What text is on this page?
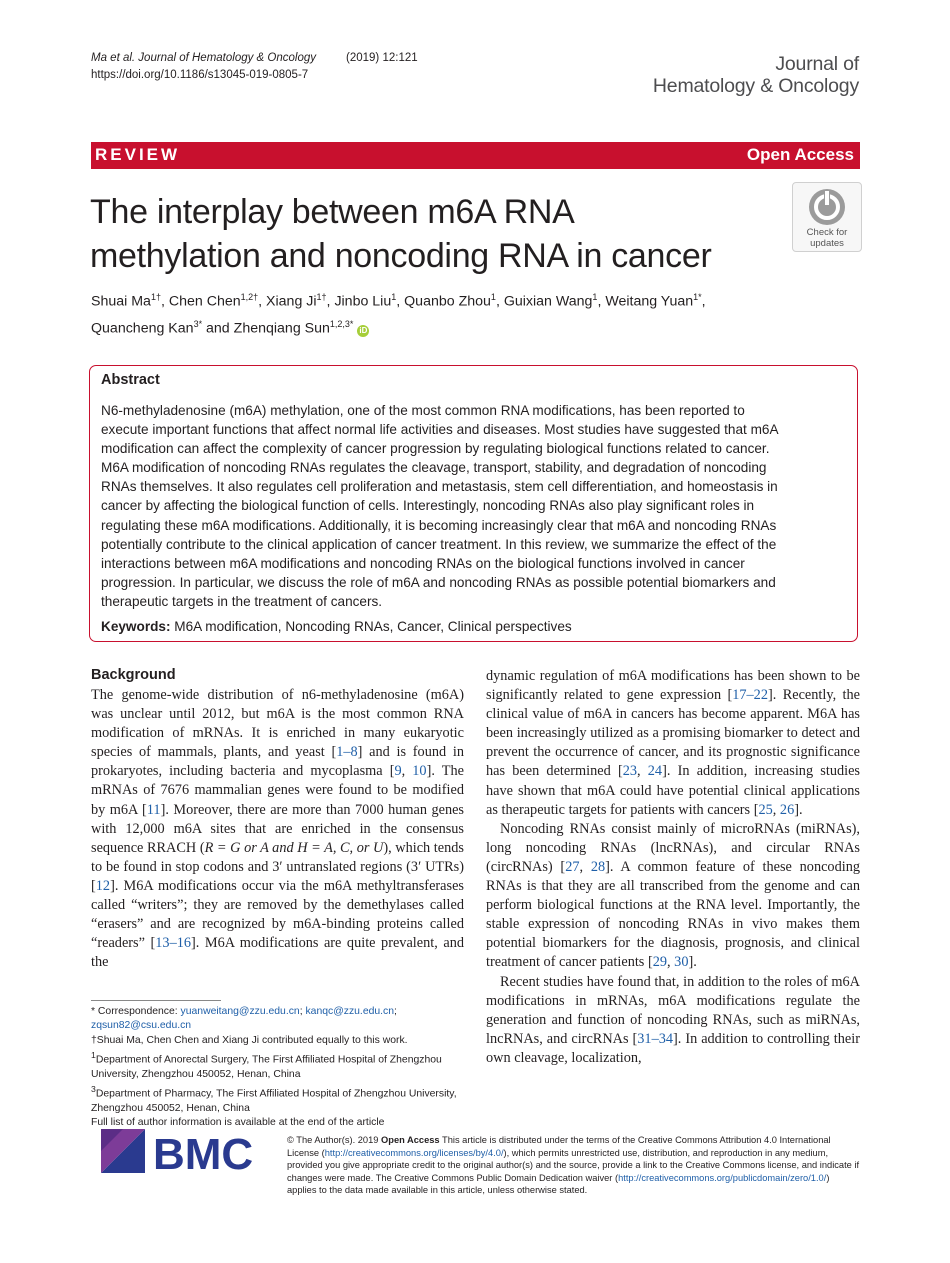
Ma et al. Journal of Hematology & Oncology	(2019) 12:121
https://doi.org/10.1186/s13045-019-0805-7	Journal of
Hematology & Oncology
REVIEW	Open Access
The interplay between m6A RNA
methylation and noncoding RNA in cancer
Check for
updates
Shuai $Ma^{1\dagger}$, Chen Chen$^{1,2\dagger}$, Xiang $Ji^{1\dagger}$, Jinbo Liu$^1$, Quanbo Zhou$^1$, Guixian Wang$^1$, Weitang Yuan$^{1*}$,
Quancheng Kan$^{3*}$ and Zhenqiang Sun$^{1,2,3*}$ iD
Abstract
N6-methyladenosine (m6A) methylation, one of the most common RNA modifications, has been reported to
execute important functions that affect normal life activities and diseases. Most studies have suggested that m6A
modification can affect the complexity of cancer progression by regulating biological functions related to cancer.
M6A modification of noncoding RNAs regulates the cleavage, transport, stability, and degradation of noncoding
RNAs themselves. It also regulates cell proliferation and metastasis, stem cell differentiation, and homeostasis in
cancer by affecting the biological function of cells. Interestingly, noncoding RNAs also play significant roles in
regulating these m6A modifications. Additionally, it is becoming increasingly clear that m6A and noncoding RNAs
potentially contribute to the clinical application of cancer treatment. In this review, we summarize the effect of the
interactions between m6A modifications and noncoding RNAs on the biological functions involved in cancer
progression. In particular, we discuss the role of m6A and noncoding RNAs as possible potential biomarkers and
therapeutic targets in the treatment of cancers.
Keywords: M6A modification, Noncoding RNAs, Cancer, Clinical perspectives
Background

The genome-wide distribution of n6-methyladenosine (m6A) was unclear until 2012, but m6A is the most common RNA modification of mRNAs. It is enriched in many eukaryotic species of mammals, plants, and yeast [1–8] and is found in prokaryotes, including bacteria and mycoplasma [9, 10]. The mRNAs of 7676 mammalian genes were found to be modified by m6A [11]. Moreover, there are more than 7000 human genes with 12,000 m6A sites that are enriched in the consensus sequence RRACH (R = G or A and H = A, C, or U), which tends to be found in stop codons and 3′ untranslated regions (3′ UTRs) [12]. M6A modifications occur via the m6A methyltransferases called “writers”; they are removed by the demethylases called “erasers” and are recognized by m6A-binding proteins called “readers” [13–16]. M6A modifications are quite prevalent, and the

dynamic regulation of m6A modifications has been shown to be significantly related to gene expression [17–22]. Recently, the clinical value of m6A in cancers has become apparent. M6A has been increasingly utilized as a promising biomarker to detect and prevent the occurrence of cancer, and its prognostic significance has been determined [23, 24]. In addition, increasing studies have shown that m6A could have potential clinical applications as therapeutic targets for patients with cancers [25, 26].

Noncoding RNAs consist mainly of microRNAs (miRNAs), long noncoding RNAs (lncRNAs), and circular RNAs (circRNAs) [27, 28]. A common feature of these noncoding RNAs is that they are all transcribed from the genome and can perform biological functions at the RNA level. Importantly, the stable expression of noncoding RNAs in vivo makes them potential biomarkers for the diagnosis, prognosis, and clinical treatment of cancer patients [29, 30].

Recent studies have found that, in addition to the roles of m6A modifications in mRNAs, m6A modifications regulate the generation and function of noncoding RNAs, such as miRNAs, lncRNAs, and circRNAs [31–34]. In addition to controlling their own cleavage, localization,

* Correspondence: yuanweitang@zzu.edu.cn; kanqc@zzu.edu.cn;
zqsun82@csu.edu.cn

†Shuai Ma, Chen Chen and Xiang Ji contributed equally to this work.

$^1$Department of Anorectal Surgery, The First Affiliated Hospital of Zhengzhou University, Zhengzhou 450052, Henan, China

$^3$Department of Pharmacy, The First Affiliated Hospital of Zhengzhou University, Zhengzhou 450052, Henan, China

Full list of author information is available at the end of the article

BMC	© The Author(s). 2019 Open Access This article is distributed under the terms of the Creative Commons Attribution 4.0 International License (http://creativecommons.org/licenses/by/4.0/), which permits unrestricted use, distribution, and reproduction in any medium, provided you give appropriate credit to the original author(s) and the source, provide a link to the Creative Commons license, and indicate if changes were made. The Creative Commons Public Domain Dedication waiver (http://creativecommons.org/publicdomain/zero/1.0/) applies to the data made available in this article, unless otherwise stated.
